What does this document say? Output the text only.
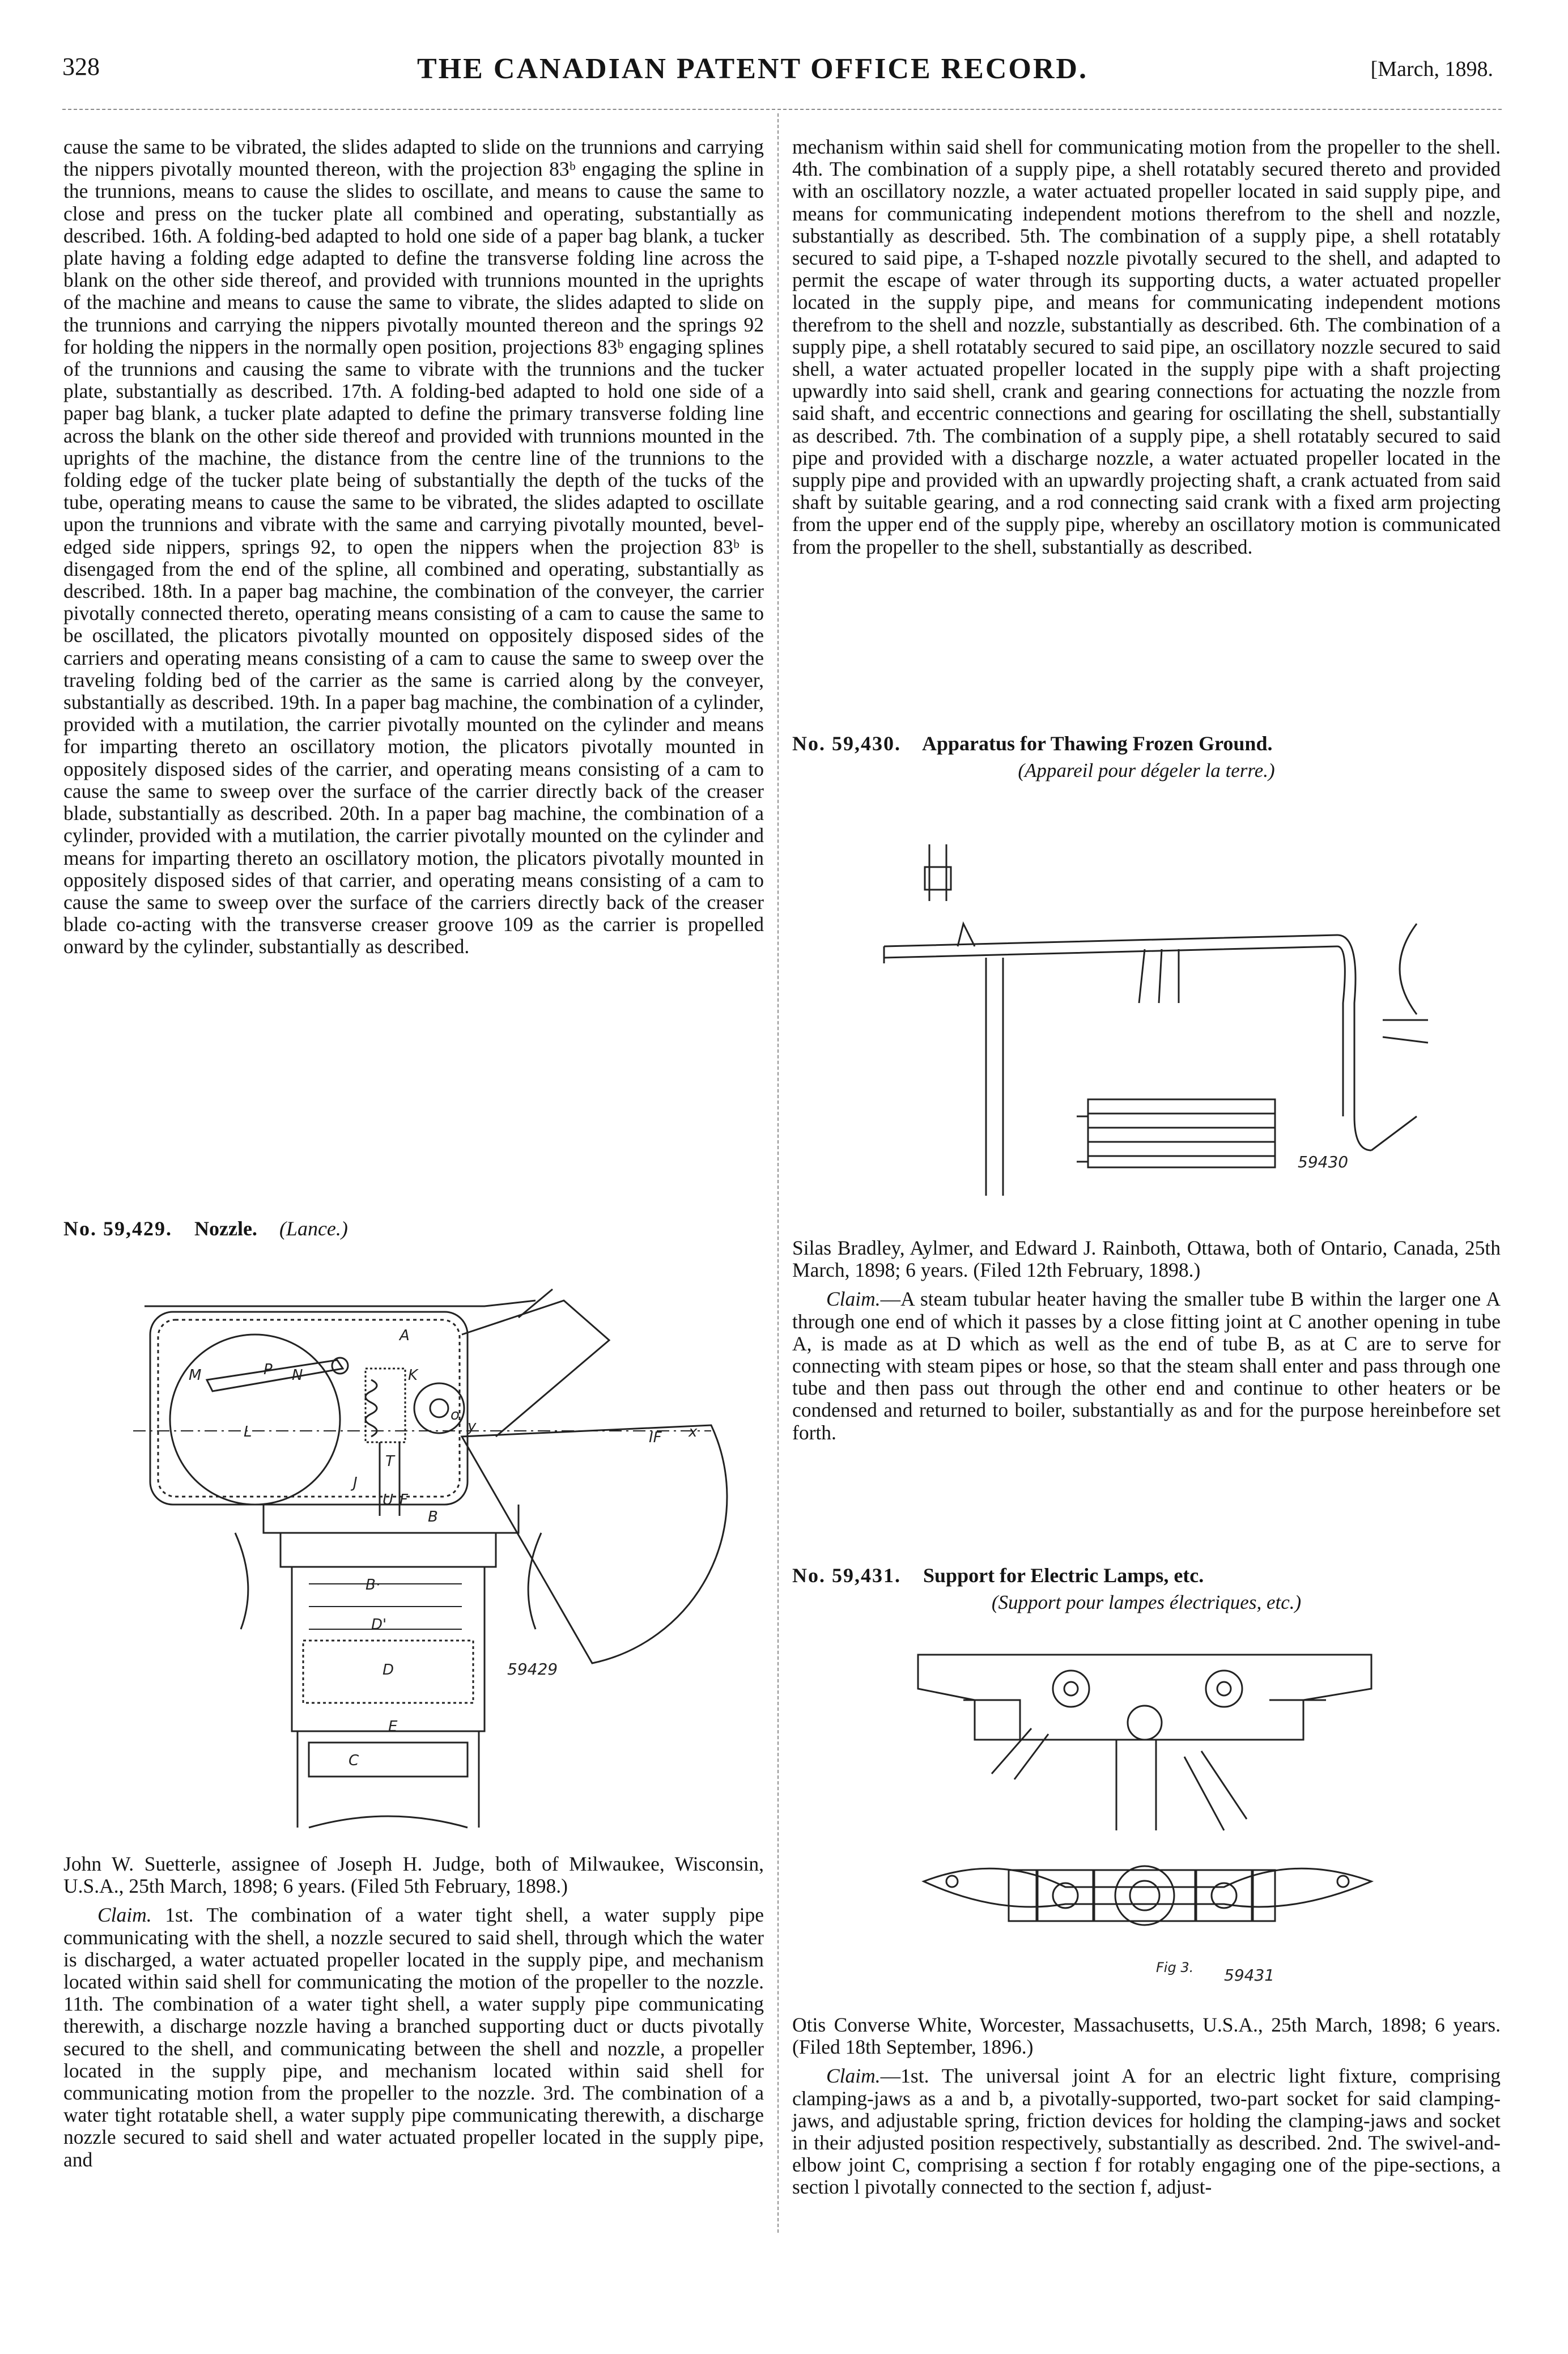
328	THE CANADIAN PATENT OFFICE RECORD.	[March, 1898.

cause the same to be vibrated, the slides adapted to slide on the trunnions and carrying the nippers pivotally mounted thereon, with the projection 83ᵇ engaging the spline in the trunnions, means to cause the slides to oscillate, and means to cause the same to close and press on the tucker plate all combined and operating, substantially as described. 16th. A folding-bed adapted to hold one side of a paper bag blank, a tucker plate having a folding edge adapted to define the transverse folding line across the blank on the other side thereof, and provided with trunnions mounted in the uprights of the machine and means to cause the same to vibrate, the slides adapted to slide on the trunnions and carrying the nippers pivotally mounted thereon and the springs 92 for holding the nippers in the normally open position, projections 83ᵇ engaging splines of the trunnions and causing the same to vibrate with the trunnions and the tucker plate, substantially as described. 17th. A folding-bed adapted to hold one side of a paper bag blank, a tucker plate adapted to define the primary transverse folding line across the blank on the other side thereof and provided with trunnions mounted in the uprights of the machine, the distance from the centre line of the trunnions to the folding edge of the tucker plate being of substantially the depth of the tucks of the tube, operating means to cause the same to be vibrated, the slides adapted to oscillate upon the trunnions and vibrate with the same and carrying pivotally mounted, bevel-edged side nippers, springs 92, to open the nippers when the projection 83ᵇ is disengaged from the end of the spline, all combined and operating, substantially as described. 18th. In a paper bag machine, the combination of the conveyer, the carrier pivotally connected thereto, operating means consisting of a cam to cause the same to be oscillated, the plicators pivotally mounted on oppositely disposed sides of the carriers and operating means consisting of a cam to cause the same to sweep over the traveling folding bed of the carrier as the same is carried along by the conveyer, substantially as described. 19th. In a paper bag machine, the combination of a cylinder, provided with a mutilation, the carrier pivotally mounted on the cylinder and means for imparting thereto an oscillatory motion, the plicators pivotally mounted in oppositely disposed sides of the carrier, and operating means consisting of a cam to cause the same to sweep over the surface of the carrier directly back of the creaser blade, substantially as described. 20th. In a paper bag machine, the combination of a cylinder, provided with a mutilation, the carrier pivotally mounted on the cylinder and means for imparting thereto an oscillatory motion, the plicators pivotally mounted in oppositely disposed sides of that carrier, and operating means consisting of a cam to cause the same to sweep over the surface of the carriers directly back of the creaser blade co-acting with the transverse creaser groove 109 as the carrier is propelled onward by the cylinder, substantially as described.

No. 59,429. Nozzle. (Lance.)
A
P N
M
L
K
T
J
U F
B
B·
D'
D
E
C
x
y
o
IF
59429

John W. Suetterle, assignee of Joseph H. Judge, both of Milwaukee, Wisconsin, U.S.A., 25th March, 1898; 6 years. (Filed 5th February, 1898.)

Claim. 1st. The combination of a water tight shell, a water supply pipe communicating with the shell, a nozzle secured to said shell, through which the water is discharged, a water actuated propeller located in the supply pipe, and mechanism located within said shell for communicating the motion of the propeller to the nozzle. 11th. The combination of a water tight shell, a water supply pipe communicating therewith, a discharge nozzle having a branched supporting duct or ducts pivotally secured to the shell, and communicating between the shell and nozzle, a propeller located in the supply pipe, and mechanism located within said shell for communicating motion from the propeller to the nozzle. 3rd. The combination of a water tight rotatable shell, a water supply pipe communicating therewith, a discharge nozzle secured to said shell and water actuated propeller located in the supply pipe, and

mechanism within said shell for communicating motion from the propeller to the shell. 4th. The combination of a supply pipe, a shell rotatably secured thereto and provided with an oscillatory nozzle, a water actuated propeller located in said supply pipe, and means for communicating independent motions therefrom to the shell and nozzle, substantially as described. 5th. The combination of a supply pipe, a shell rotatably secured to said pipe, a T-shaped nozzle pivotally secured to the shell, and adapted to permit the escape of water through its supporting ducts, a water actuated propeller located in the supply pipe, and means for communicating independent motions therefrom to the shell and nozzle, substantially as described. 6th. The combination of a supply pipe, a shell rotatably secured to said pipe, an oscillatory nozzle secured to said shell, a water actuated propeller located in the supply pipe with a shaft projecting upwardly into said shell, crank and gearing connections for actuating the nozzle from said shaft, and eccentric connections and gearing for oscillating the shell, substantially as described. 7th. The combination of a supply pipe, a shell rotatably secured to said pipe and provided with a discharge nozzle, a water actuated propeller located in the supply pipe and provided with an upwardly projecting shaft, a crank actuated from said shaft by suitable gearing, and a rod connecting said crank with a fixed arm projecting from the upper end of the supply pipe, whereby an oscillatory motion is communicated from the propeller to the shell, substantially as described.

No. 59,430. Apparatus for Thawing Frozen Ground.
(Appareil pour dégeler la terre.)
59430

Silas Bradley, Aylmer, and Edward J. Rainboth, Ottawa, both of Ontario, Canada, 25th March, 1898; 6 years. (Filed 12th February, 1898.)

Claim.—A steam tubular heater having the smaller tube B within the larger one A through one end of which it passes by a close fitting joint at C another opening in tube A, is made as at D which as well as the end of tube B, as at C are to serve for connecting with steam pipes or hose, so that the steam shall enter and pass through one tube and then pass out through the other end and continue to other heaters or be condensed and returned to boiler, substantially as and for the purpose hereinbefore set forth.

No. 59,431. Support for Electric Lamps, etc.
(Support pour lampes électriques, etc.)
Fig 3. 59431

Otis Converse White, Worcester, Massachusetts, U.S.A., 25th March, 1898; 6 years. (Filed 18th September, 1896.)

Claim.—1st. The universal joint A for an electric light fixture, comprising clamping-jaws as a and b, a pivotally-supported, two-part socket for said clamping-jaws, and adjustable spring, friction devices for holding the clamping-jaws and socket in their adjusted position respectively, substantially as described. 2nd. The swivel-and-elbow joint C, comprising a section f for rotably engaging one of the pipe-sections, a section l pivotally connected to the section f, adjust-
